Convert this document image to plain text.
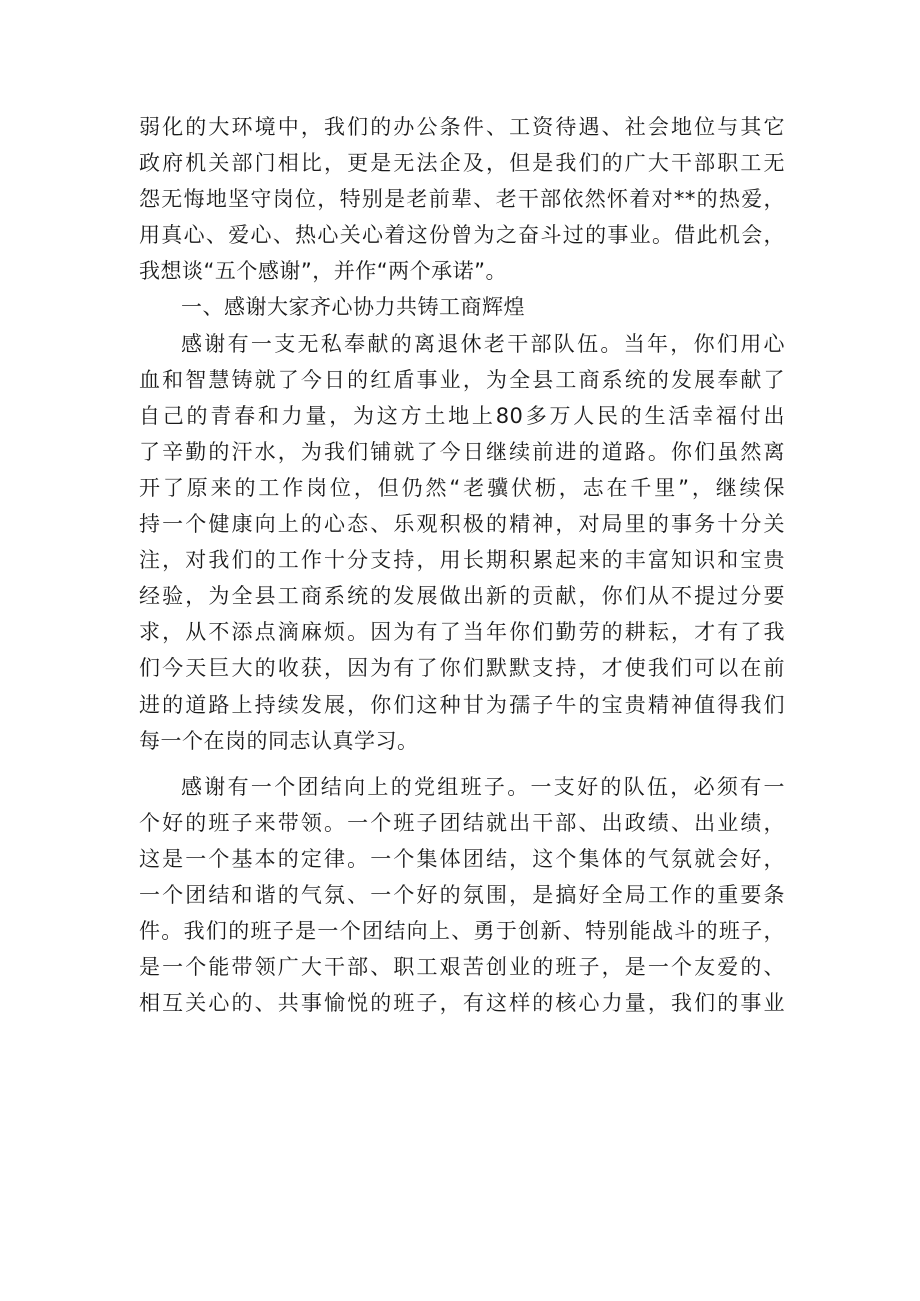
弱化的大环境中，我们的办公条件、工资待遇、社会地位与其它
政府机关部门相比，更是无法企及，但是我们的广大干部职工无
怨无悔地坚守岗位，特别是老前辈、老干部依然怀着对**的热爱，
用真心、爱心、热心关心着这份曾为之奋斗过的事业。借此机会，
我想谈“五个感谢”，并作“两个承诺”。
一、感谢大家齐心协力共铸工商辉煌
感谢有一支无私奉献的离退休老干部队伍。当年，你们用心
血和智慧铸就了今日的红盾事业，为全县工商系统的发展奉献了
自己的青春和力量，为这方土地上80多万人民的生活幸福付出
了辛勤的汗水，为我们铺就了今日继续前进的道路。你们虽然离
开了原来的工作岗位，但仍然“老骥伏枥，志在千里”，继续保
持一个健康向上的心态、乐观积极的精神，对局里的事务十分关
注，对我们的工作十分支持，用长期积累起来的丰富知识和宝贵
经验，为全县工商系统的发展做出新的贡献，你们从不提过分要
求，从不添点滴麻烦。因为有了当年你们勤劳的耕耘，才有了我
们今天巨大的收获，因为有了你们默默支持，才使我们可以在前
进的道路上持续发展，你们这种甘为孺子牛的宝贵精神值得我们
每一个在岗的同志认真学习。
感谢有一个团结向上的党组班子。一支好的队伍，必须有一
个好的班子来带领。一个班子团结就出干部、出政绩、出业绩，
这是一个基本的定律。一个集体团结，这个集体的气氛就会好，
一个团结和谐的气氛、一个好的氛围，是搞好全局工作的重要条
件。我们的班子是一个团结向上、勇于创新、特别能战斗的班子，
是一个能带领广大干部、职工艰苦创业的班子，是一个友爱的、
相互关心的、共事愉悦的班子，有这样的核心力量，我们的事业
